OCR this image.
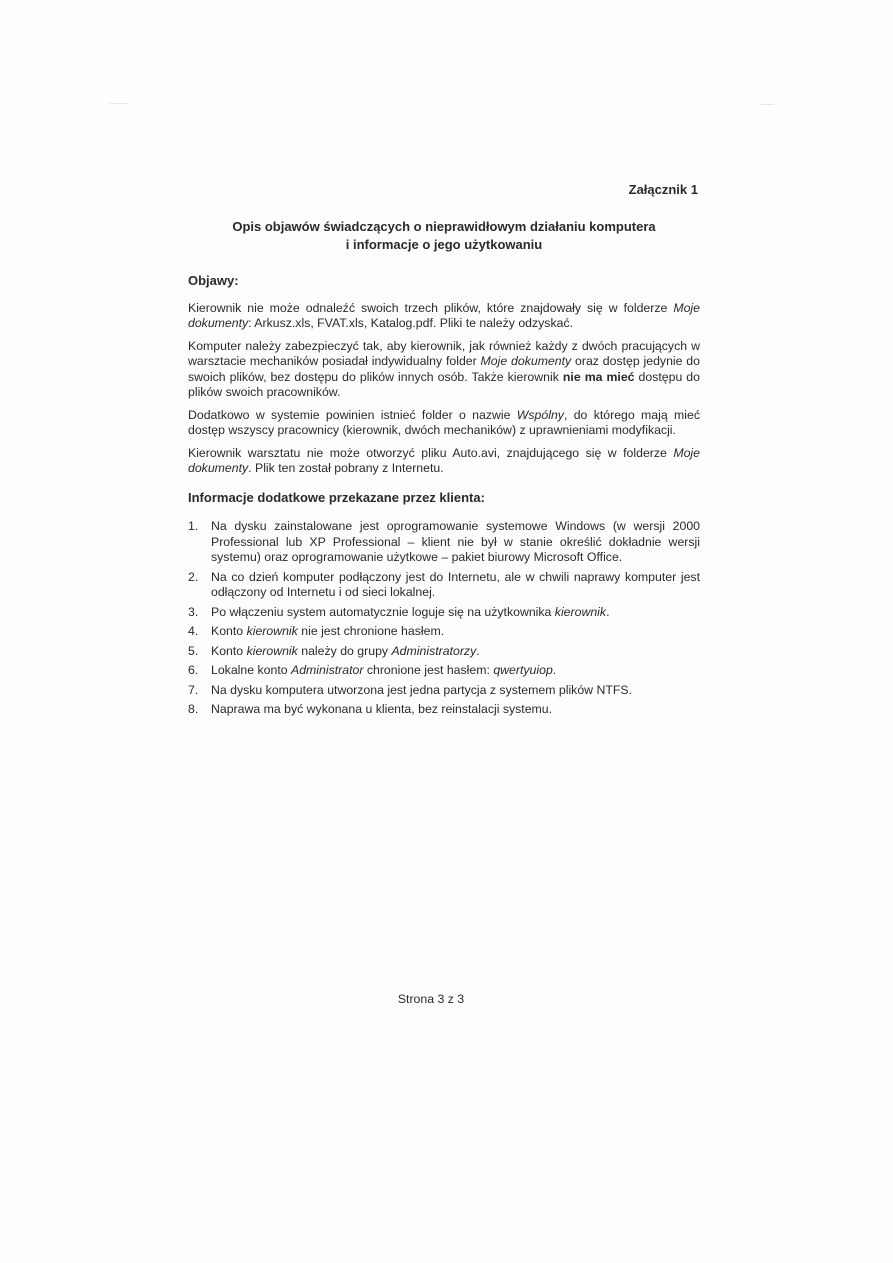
Załącznik 1
Opis objawów świadczących o nieprawidłowym działaniu komputera
i informacje o jego użytkowaniu
Objawy:

Kierownik nie może odnaleźć swoich trzech plików, które znajdowały się w folderze Moje dokumenty: Arkusz.xls, FVAT.xls, Katalog.pdf. Pliki te należy odzyskać.

Komputer należy zabezpieczyć tak, aby kierownik, jak również każdy z dwóch pracujących w warsztacie mechaników posiadał indywidualny folder Moje dokumenty oraz dostęp jedynie do swoich plików, bez dostępu do plików innych osób. Także kierownik nie ma mieć dostępu do plików swoich pracowników.

Dodatkowo w systemie powinien istnieć folder o nazwie Wspólny, do którego mają mieć dostęp wszyscy pracownicy (kierownik, dwóch mechaników) z uprawnieniami modyfikacji.

Kierownik warsztatu nie może otworzyć pliku Auto.avi, znajdującego się w folderze Moje dokumenty. Plik ten został pobrany z Internetu.

Informacje dodatkowe przekazane przez klienta:
1. Na dysku zainstalowane jest oprogramowanie systemowe Windows (w wersji 2000 Professional lub XP Professional – klient nie był w stanie określić dokładnie wersji systemu) oraz oprogramowanie użytkowe – pakiet biurowy Microsoft Office.
2. Na co dzień komputer podłączony jest do Internetu, ale w chwili naprawy komputer jest odłączony od Internetu i od sieci lokalnej.
3. Po włączeniu system automatycznie loguje się na użytkownika kierownik.
4. Konto kierownik nie jest chronione hasłem.
5. Konto kierownik należy do grupy Administratorzy.
6. Lokalne konto Administrator chronione jest hasłem: qwertyuiop.
7. Na dysku komputera utworzona jest jedna partycja z systemem plików NTFS.
8. Naprawa ma być wykonana u klienta, bez reinstalacji systemu.
Strona 3 z 3
